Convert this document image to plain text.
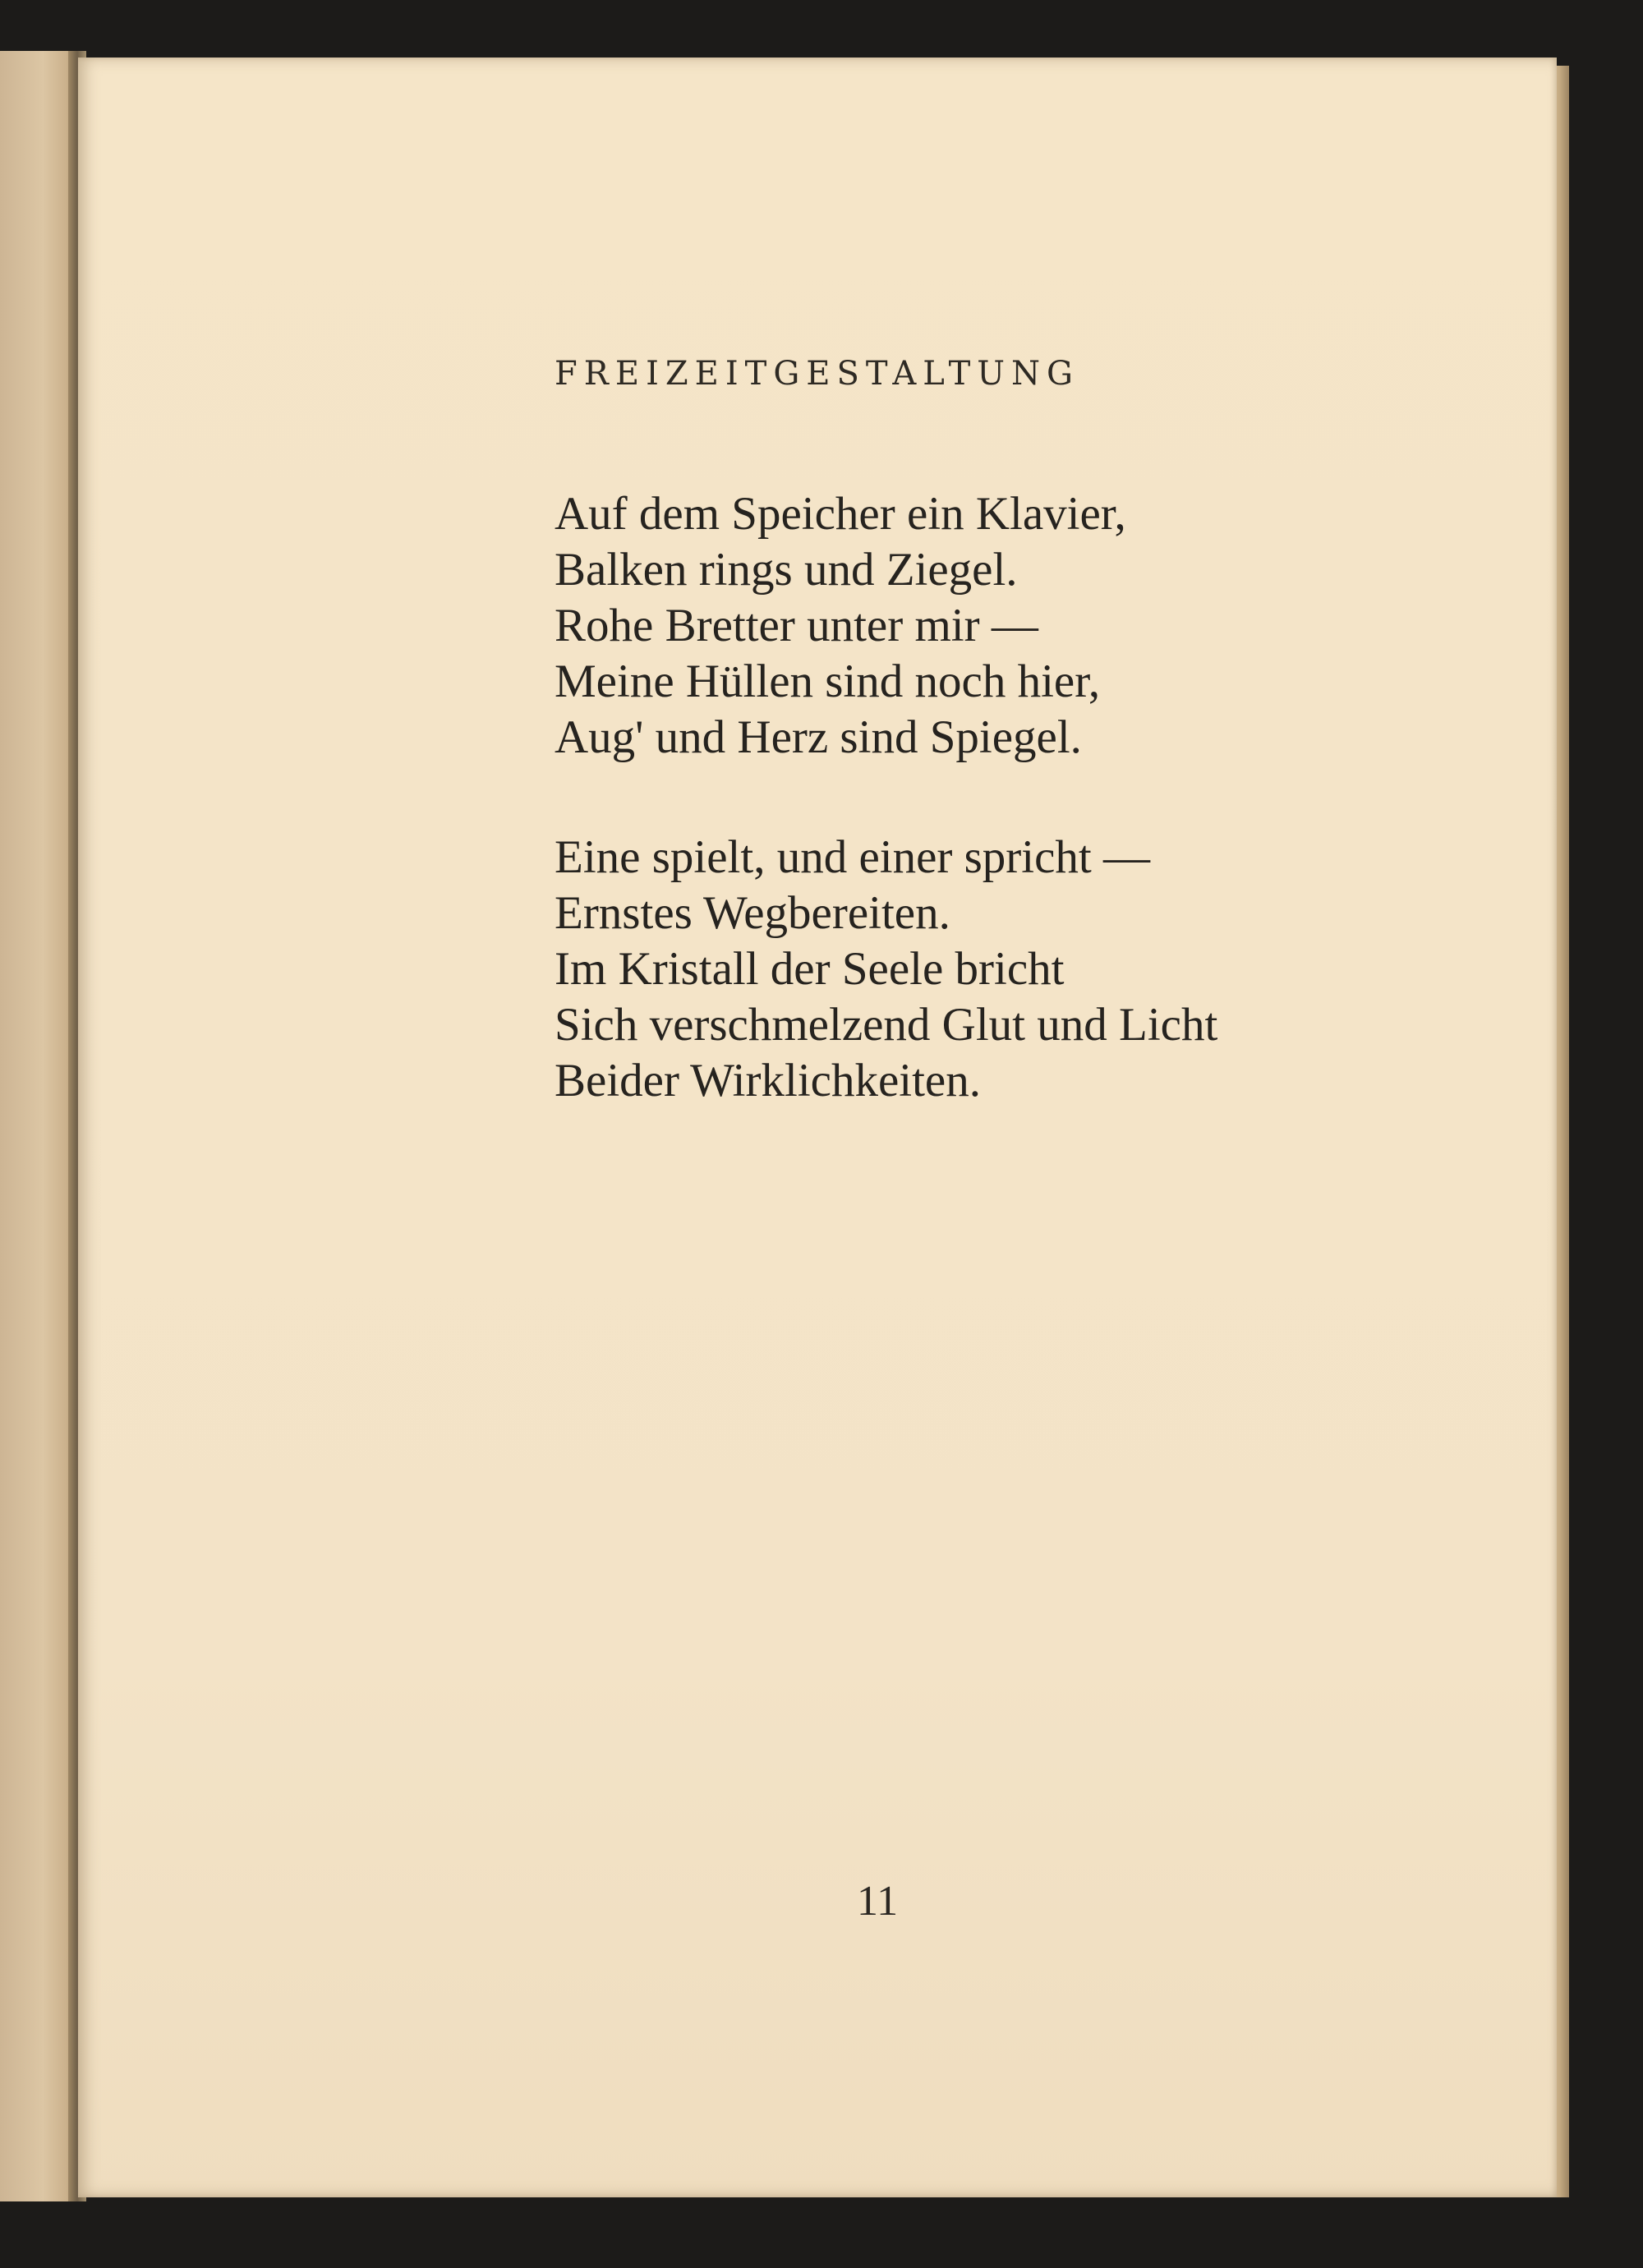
FREIZEITGESTALTUNG
Auf dem Speicher ein Klavier,
Balken rings und Ziegel.
Rohe Bretter unter mir —
Meine Hüllen sind noch hier,
Aug' und Herz sind Spiegel.
Eine spielt, und einer spricht —
Ernstes Wegbereiten.
Im Kristall der Seele bricht
Sich verschmelzend Glut und Licht
Beider Wirklichkeiten.

11
